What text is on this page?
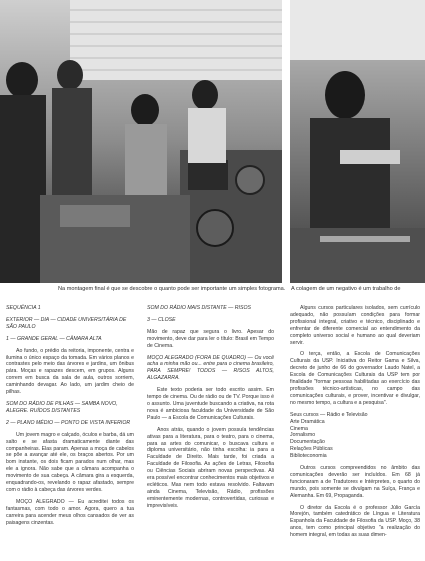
Na montagem final é que se descobre o quanto pode ser importante um simples fotograma. A colagem de um negativo é um trabalho de

SEQUÊNCIA 1

EXTERIOR — DIA — CIDADE UNIVERSITÁRIA DE SÃO PAULO

1 — GRANDE GERAL — CÂMARA ALTA

Ao fundo, o prédio da reitoria, imponente, centra e ilumina o único espaço da tomada. Em vários planos e contrastes pelo meio das árvores e jardins, um ônibus pára. Moças e rapazes descem, em grupos. Alguns correm em busca da sala de aula, outros sorriem, caminhando devagar. Ao lado, um jardim cheio de pilhas.

SOM DO RÁDIO DE PILHAS — SAMBA NOVO, ALEGRE. RUÍDOS DISTANTES

2 — PLANO MÉDIO — PONTO DE VISTA INFERIOR

Um jovem magro e calçado, óculos e barba, dá um salto e se afasta dramaticamente diante das companheiras. Elas param. Apenas a moça de cabelos se põe a avançar até ele, os braços abertos. Por um bom instante, os dois ficam parados num olhar, mas ele a ignora. Não sabe que a câmara acompanha o movimento de sua cabeça. A câmara gira a esquerda, enquadrando-os, revelando o rapaz afastado, sempre com o rádio à cabeça das árvores verdes.

MOÇO ALEGRADO — Eu acreditei todos os fantasmas, com todo o amor. Agora, quero a tua carreira para acender meus olhos cansados de ver as paisagens cinzentas.

SOM DO RÁDIO MAIS DISTANTE — RISOS

3 — CLOSE

Mão de rapaz que segura o livro. Apesar do movimento, deve dar para ler o título: Brasil em Tempo de Cinema.

MOÇO ALEGRADO (FORA DE QUADRO) — Ou você acha a minha mão ou... entre para o cinema brasileiro, PARA SEMPRE! TODOS — RISOS ALTOS, ALGAZARRA.

Este texto poderia ser todo escrito assim. Em tempo de cinema. Ou de rádio ou de TV. Porque isso é o assunto. Uma juventude buscando a criativa, na rota nova é ambiciosa faculdade da Universidade de São Paulo — a Escola de Comunicações Culturais.

Anos atrás, quando o jovem possuía tendências ativas para a literatura, para o teatro, para o cinema, para as artes do comunicar, o buscava cultura e diploma universitário, não tinha escolha: ia para a Faculdade de Direito. Mais tarde, foi criada a Faculdade de Filosofia. As ações de Letras, Filosofia ou Ciências Sociais abriram novas perspectivas. Ali era possível encontrar conhecimentos mais objetivos e ecléticos. Mas nem todo estava resolvido. Faltavam ainda Cinema, Televisão, Rádio, profissões eminentemente modernas, controvertidas, curiosas e imprevisíveis.

Alguns cursos particulares isolados, sem currículo adequado, não possuíam condições para formar profissional integral, criativo e técnico, disciplinado e enfrentar de diferente comercial ao entendimento da completo universo social e humano ao qual deveriam servir.

O terça, então, a Escola de Comunicações Culturais da USP. Iniciativa do Reitor Gama e Silva, decreto de junho de 66 do governador Laudo Natel, a Escola de Comunicações Culturais da USP tem por finalidade "formar pessoas habilitadas ao exercício das profissões técnico-artísticas, no campo das comunicações culturais, e prover, incentivar e divulgar, no mesmo tempo, a cultura e a pesquisa".

Seus cursos — Rádio e Televisão
Arte Dramática
Cinema
Jornalismo
Documentação
Relações Públicas
Biblioteconomia

Outros cursos compreendidos no âmbito das comunicações deverão ser incluídos. Em 68 já funcionaram a de Tradutores e Intérpretes, o quarto do mundo, pois somente se divulgam na Suíça, França e Alemanha. Em 69, Propaganda.

O diretor da Escola é o professor Júlio García Morejón, também catedrático de Língua e Literatura Espanhola da Faculdade de Filosofia da USP. Moço, 38 anos, tem como principal objetivo "a realização do homem integral, em todas as suas dimen-
